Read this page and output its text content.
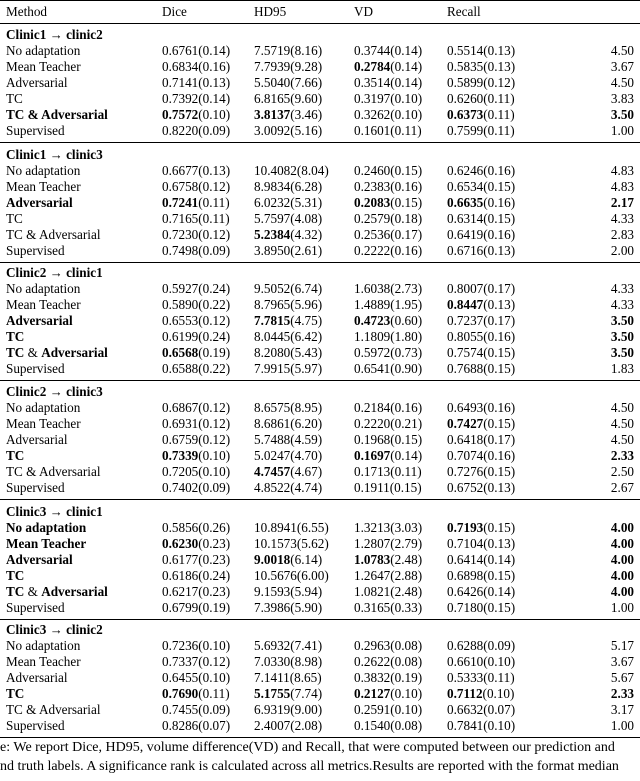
Method	Dice	HD95	VD	Recall
Clinic1 → clinic2
No adaptation	0.6761(0.14) 7.5719(8.16) 0.3744(0.14) 0.5514(0.13)	4.50
Mean Teacher	0.6834(0.16) 7.7939(9.28) 0.2784(0.14) 0.5835(0.13)	3.67
Adversarial	0.7141(0.13) 5.5040(7.66) 0.3514(0.14) 0.5899(0.12)	4.50
TC	0.7392(0.14) 6.8165(9.60) 0.3197(0.10) 0.6260(0.11)	3.83
TC & Adversarial	0.7572(0.10) 3.8137(3.46) 0.3262(0.10) 0.6373(0.11)	3.50
Supervised	0.8220(0.09) 3.0092(5.16) 0.1601(0.11) 0.7599(0.11)	1.00
Clinic1 → clinic3
No adaptation	0.6677(0.13) 10.4082(8.04) 0.2460(0.15) 0.6246(0.16)	4.83
Mean Teacher	0.6758(0.12) 8.9834(6.28) 0.2383(0.16) 0.6534(0.15)	4.83
Adversarial	0.7241(0.11) 6.0232(5.31) 0.2083(0.15) 0.6635(0.16)	2.17
TC	0.7165(0.11) 5.7597(4.08) 0.2579(0.18) 0.6314(0.15)	4.33
TC & Adversarial	0.7230(0.12) 5.2384(4.32) 0.2536(0.17) 0.6419(0.16)	2.83
Supervised	0.7498(0.09) 3.8950(2.61) 0.2222(0.16) 0.6716(0.13)	2.00
Clinic2 → clinic1
No adaptation	0.5927(0.24) 9.5052(6.74) 1.6038(2.73) 0.8007(0.17)	4.33
Mean Teacher	0.5890(0.22) 8.7965(5.96) 1.4889(1.95) 0.8447(0.13)	4.33
Adversarial	0.6553(0.12) 7.7815(4.75) 0.4723(0.60) 0.7237(0.17)	3.50
TC	0.6199(0.24) 8.0445(6.42) 1.1809(1.80) 0.8055(0.16)	3.50
TC & Adversarial	0.6568(0.19) 8.2080(5.43) 0.5972(0.73) 0.7574(0.15)	3.50
Supervised	0.6588(0.22) 7.9915(5.97) 0.6541(0.90) 0.7688(0.15)	1.83
Clinic2 → clinic3
No adaptation	0.6867(0.12) 8.6575(8.95) 0.2184(0.16) 0.6493(0.16)	4.50
Mean Teacher	0.6931(0.12) 8.6861(6.20) 0.2220(0.21) 0.7427(0.15)	4.50
Adversarial	0.6759(0.12) 5.7488(4.59) 0.1968(0.15) 0.6418(0.17)	4.50
TC	0.7339(0.10) 5.0247(4.70) 0.1697(0.14) 0.7074(0.16)	2.33
TC & Adversarial	0.7205(0.10) 4.7457(4.67) 0.1713(0.11) 0.7276(0.15)	2.50
Supervised	0.7402(0.09) 4.8522(4.74) 0.1911(0.15) 0.6752(0.13)	2.67
Clinic3 → clinic1
No adaptation	0.5856(0.26) 10.8941(6.55) 1.3213(3.03) 0.7193(0.15)	4.00
Mean Teacher	0.6230(0.23) 10.1573(5.62) 1.2807(2.79) 0.7104(0.13)	4.00
Adversarial	0.6177(0.23) 9.0018(6.14) 1.0783(2.48) 0.6414(0.14)	4.00
TC	0.6186(0.24) 10.5676(6.00) 1.2647(2.88) 0.6898(0.15)	4.00
TC & Adversarial	0.6217(0.23) 9.1593(5.94) 1.0821(2.48) 0.6426(0.14)	4.00
Supervised	0.6799(0.19) 7.3986(5.90) 0.3165(0.33) 0.7180(0.15)	1.00
Clinic3 → clinic2
No adaptation	0.7236(0.10) 5.6932(7.41) 0.2963(0.08) 0.6288(0.09)	5.17
Mean Teacher	0.7337(0.12) 7.0330(8.98) 0.2622(0.08) 0.6610(0.10)	3.67
Adversarial	0.6455(0.10) 7.1411(8.65) 0.3832(0.19) 0.5333(0.11)	5.67
TC	0.7690(0.11) 5.1755(7.74) 0.2127(0.10) 0.7112(0.10)	2.33
TC & Adversarial	0.7455(0.09) 6.9319(9.00) 0.2591(0.10) 0.6632(0.07)	3.17
Supervised	0.8286(0.07) 2.4007(2.08) 0.1540(0.08) 0.7841(0.10)	1.00
e: We report Dice, HD95, volume difference(VD) and Recall, that were computed between our prediction and
nd truth labels. A significance rank is calculated across all metrics.Results are reported with the format median
